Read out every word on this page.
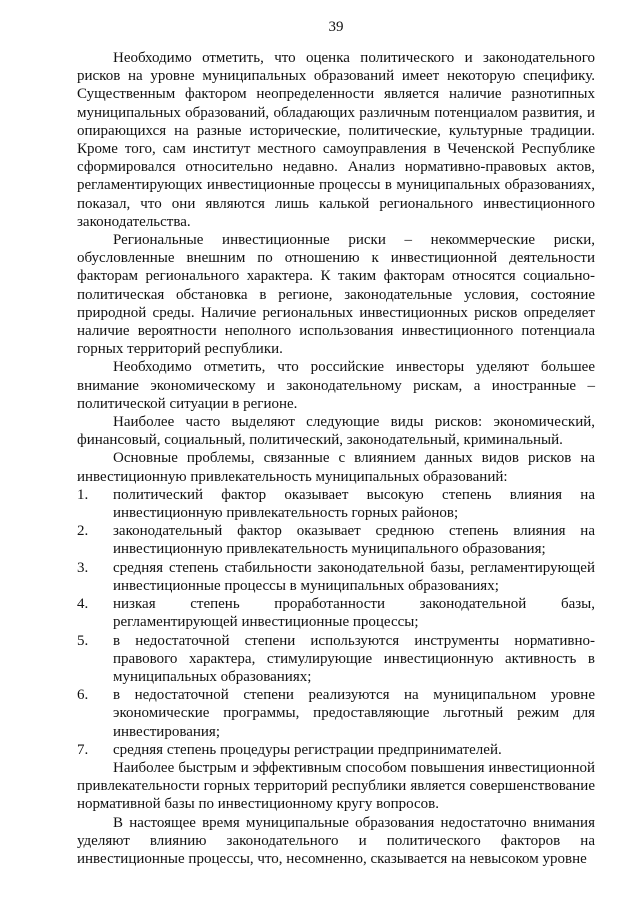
39

Необходимо отметить, что оценка политического и законодательного рисков на уровне муниципальных образований имеет некоторую специфику. Существенным фактором неопределенности является наличие разнотипных муниципальных образований, обладающих различным потенциалом развития, и опирающихся на разные исторические, политические, культурные традиции. Кроме того, сам институт местного самоуправления в Чеченской Республике сформировался относительно недавно. Анализ нормативно-правовых актов, регламентирующих инвестиционные процессы в муниципальных образованиях, показал, что они являются лишь калькой регионального инвестиционного законодательства.

Региональные инвестиционные риски – некоммерческие риски, обусловленные внешним по отношению к инвестиционной деятельности факторам регионального характера. К таким факторам относятся социально-политическая обстановка в регионе, законодательные условия, состояние природной среды. Наличие региональных инвестиционных рисков определяет наличие вероятности неполного использования инвестиционного потенциала горных территорий республики.

Необходимо отметить, что российские инвесторы уделяют большее внимание экономическому и законодательному рискам, а иностранные – политической ситуации в регионе.

Наиболее часто выделяют следующие виды рисков: экономический, финансовый, социальный, политический, законодательный, криминальный.

Основные проблемы, связанные с влиянием данных видов рисков на инвестиционную привлекательность муниципальных образований:

1.	политический фактор оказывает высокую степень влияния на инвестиционную привлекательность горных районов;
2.	законодательный фактор оказывает среднюю степень влияния на инвестиционную привлекательность муниципального образования;
3.	средняя степень стабильности законодательной базы, регламентирующей инвестиционные процессы в муниципальных образованиях;
4.	низкая степень проработанности законодательной базы, регламентирующей инвестиционные процессы;
5.	в недостаточной степени используются инструменты нормативно-правового характера, стимулирующие инвестиционную активность в муниципальных образованиях;
6.	в недостаточной степени реализуются на муниципальном уровне экономические программы, предоставляющие льготный режим для инвестирования;
7.	средняя степень процедуры регистрации предпринимателей.

Наиболее быстрым и эффективным способом повышения инвестиционной привлекательности горных территорий республики является совершенствование нормативной базы по инвестиционному кругу вопросов.

В настоящее время муниципальные образования недостаточно внимания уделяют влиянию законодательного и политического факторов на инвестиционные процессы, что, несомненно, сказывается на невысоком уровне
